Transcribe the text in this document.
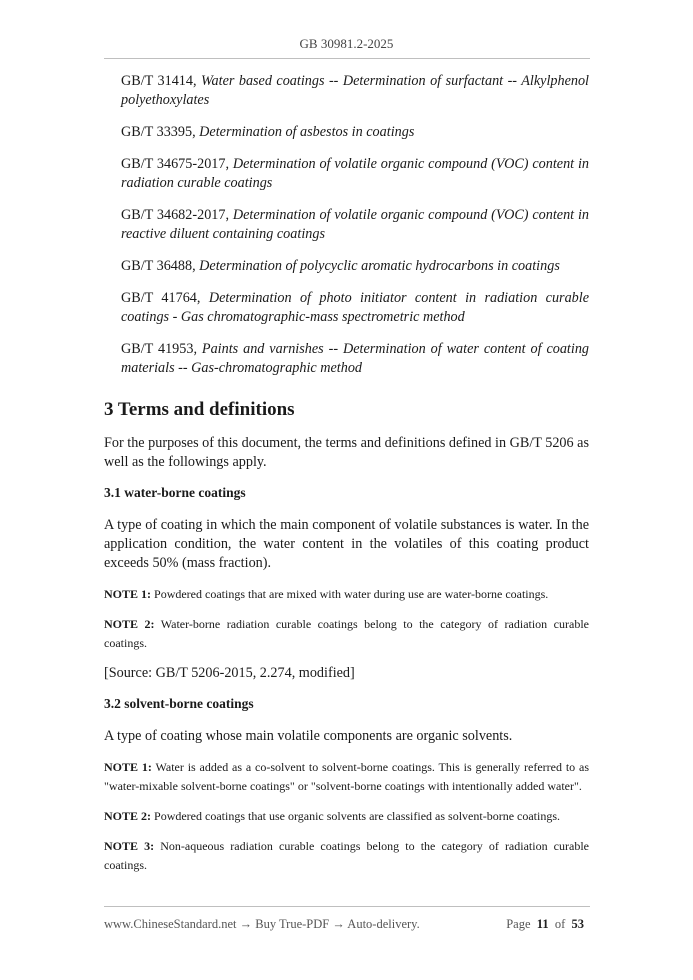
GB 30981.2-2025

GB/T 31414, Water based coatings -- Determination of surfactant -- Alkylphenol polyethoxylates

GB/T 33395, Determination of asbestos in coatings

GB/T 34675-2017, Determination of volatile organic compound (VOC) content in radiation curable coatings

GB/T 34682-2017, Determination of volatile organic compound (VOC) content in reactive diluent containing coatings

GB/T 36488, Determination of polycyclic aromatic hydrocarbons in coatings

GB/T 41764, Determination of photo initiator content in radiation curable coatings - Gas chromatographic-mass spectrometric method

GB/T 41953, Paints and varnishes -- Determination of water content of coating materials -- Gas-chromatographic method

3 Terms and definitions

For the purposes of this document, the terms and definitions defined in GB/T 5206 as well as the followings apply.

3.1 water-borne coatings

A type of coating in which the main component of volatile substances is water. In the application condition, the water content in the volatiles of this coating product exceeds 50% (mass fraction).

NOTE 1: Powdered coatings that are mixed with water during use are water-borne coatings.

NOTE 2: Water-borne radiation curable coatings belong to the category of radiation curable coatings.

[Source: GB/T 5206-2015, 2.274, modified]

3.2 solvent-borne coatings

A type of coating whose main volatile components are organic solvents.

NOTE 1: Water is added as a co-solvent to solvent-borne coatings. This is generally referred to as "water-mixable solvent-borne coatings" or "solvent-borne coatings with intentionally added water".

NOTE 2: Powdered coatings that use organic solvents are classified as solvent-borne coatings.

NOTE 3: Non-aqueous radiation curable coatings belong to the category of radiation curable coatings.

www.ChineseStandard.net → Buy True-PDF → Auto-delivery.	Page 11 of 53
